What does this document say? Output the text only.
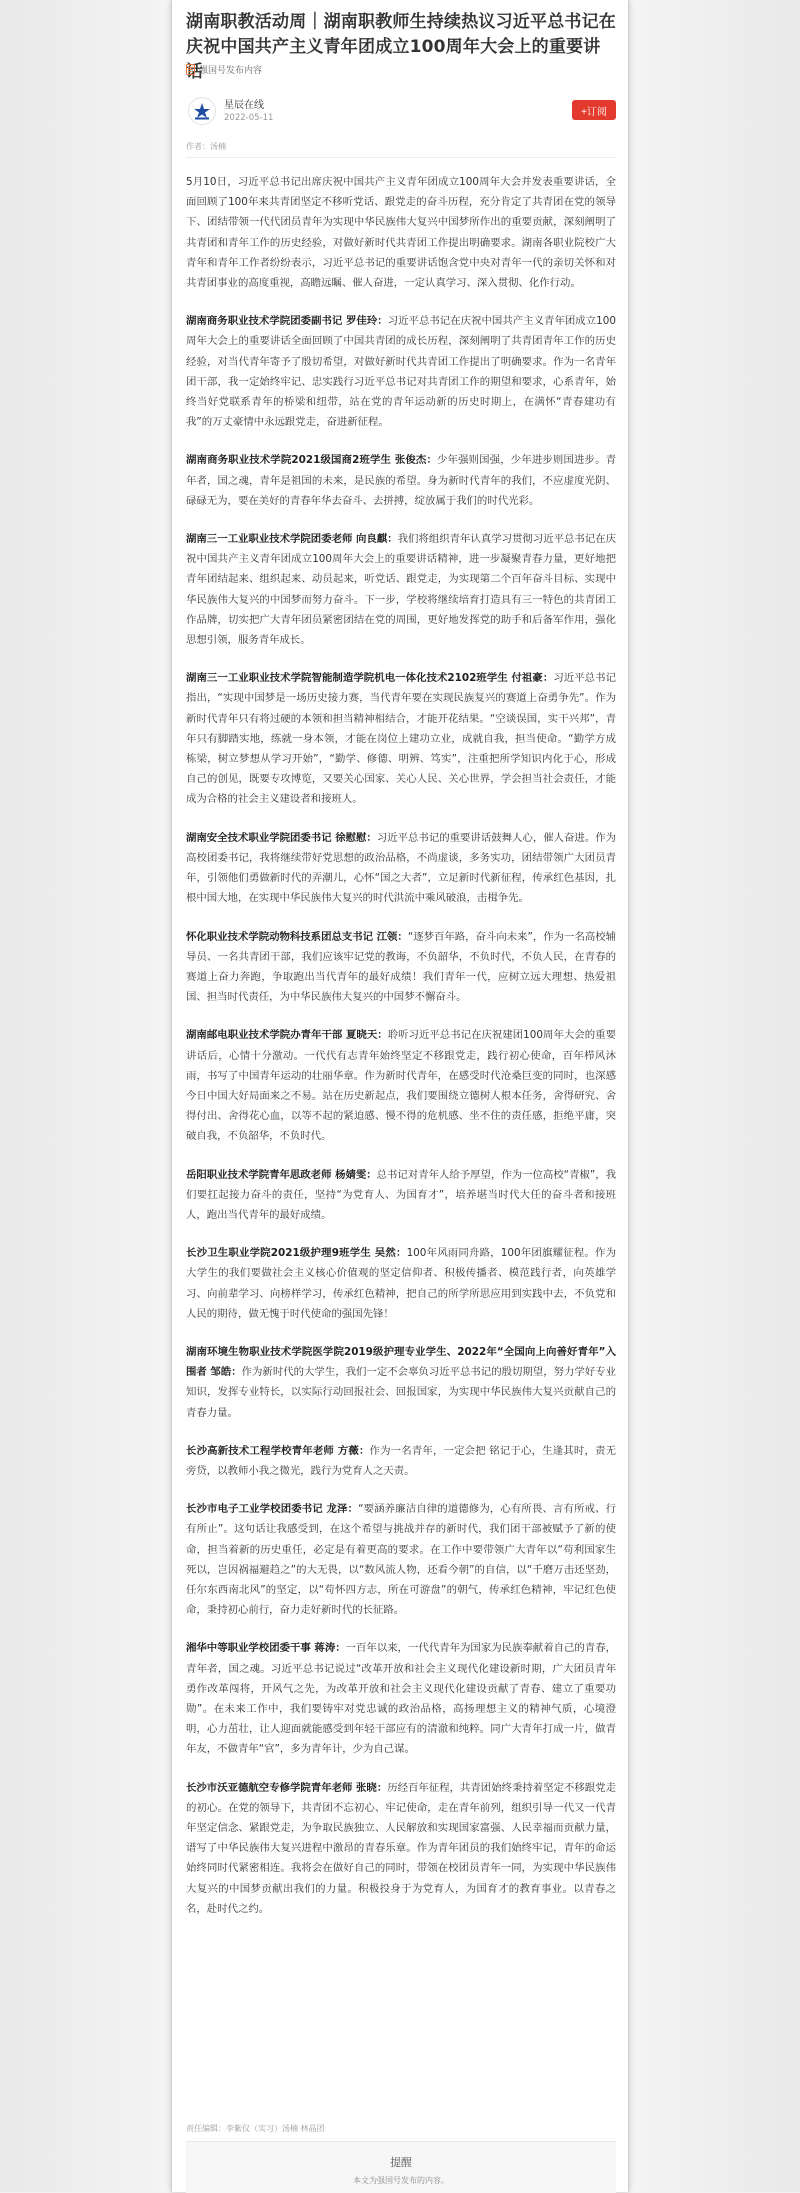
湖南职教活动周｜湖南职教师生持续热议习近平总书记在庆祝中国共产主义青年团成立100周年大会上的重要讲话
强国号发布内容
星辰在线
2022-05-11	+订阅
作者：汤楠

5月10日，习近平总书记出席庆祝中国共产主义青年团成立100周年大会并发表重要讲话，全面回顾了100年来共青团坚定不移听党话、跟党走的奋斗历程，充分肯定了共青团在党的领导下、团结带领一代代团员青年为实现中华民族伟大复兴中国梦所作出的重要贡献，深刻阐明了共青团和青年工作的历史经验，对做好新时代共青团工作提出明确要求。湖南各职业院校广大青年和青年工作者纷纷表示，习近平总书记的重要讲话饱含党中央对青年一代的亲切关怀和对共青团事业的高度重视，高瞻远瞩、催人奋进，一定认真学习、深入贯彻、化作行动。

湖南商务职业技术学院团委副书记 罗佳玲：习近平总书记在庆祝中国共产主义青年团成立100周年大会上的重要讲话全面回顾了中国共青团的成长历程，深刻阐明了共青团青年工作的历史经验，对当代青年寄予了殷切希望，对做好新时代共青团工作提出了明确要求。作为一名青年团干部，我一定始终牢记、忠实践行习近平总书记对共青团工作的期望和要求，心系青年，始终当好党联系青年的桥梁和纽带，站在党的青年运动新的历史时期上，在满怀“青春建功有我”的万丈豪情中永远跟党走，奋进新征程。

湖南商务职业技术学院2021级国商2班学生 张俊杰：少年强则国强，少年进步则国进步。青年者，国之魂，青年是祖国的未来，是民族的希望。身为新时代青年的我们，不应虚度光阴、碌碌无为，要在美好的青春年华去奋斗、去拼搏，绽放属于我们的时代光彩。

湖南三一工业职业技术学院团委老师 向良麒：我们将组织青年认真学习贯彻习近平总书记在庆祝中国共产主义青年团成立100周年大会上的重要讲话精神，进一步凝聚青春力量，更好地把青年团结起来、组织起来、动员起来，听党话、跟党走，为实现第二个百年奋斗目标、实现中华民族伟大复兴的中国梦而努力奋斗。下一步，学校将继续培育打造具有三一特色的共青团工作品牌，切实把广大青年团员紧密团结在党的周围，更好地发挥党的助手和后备军作用，强化思想引领，服务青年成长。

湖南三一工业职业技术学院智能制造学院机电一体化技术2102班学生 付祖豪：习近平总书记指出，“实现中国梦是一场历史接力赛，当代青年要在实现民族复兴的赛道上奋勇争先”。作为新时代青年只有将过硬的本领和担当精神相结合，才能开花结果。“空谈误国，实干兴邦”，青年只有脚踏实地，练就一身本领，才能在岗位上建功立业，成就自我，担当使命。“勤学方成栋梁，树立梦想从学习开始”，“勤学、修德、明辨、笃实”，注重把所学知识内化于心，形成自己的创见，既要专攻博览，又要关心国家、关心人民、关心世界，学会担当社会责任，才能成为合格的社会主义建设者和接班人。

湖南安全技术职业学院团委书记 徐慰慰：习近平总书记的重要讲话鼓舞人心，催人奋进。作为高校团委书记，我将继续带好党思想的政治品格，不尚虚谈，多务实功，团结带领广大团员青年，引领他们勇做新时代的弄潮儿，心怀“国之大者”，立足新时代新征程，传承红色基因，扎根中国大地，在实现中华民族伟大复兴的时代洪流中乘风破浪，击楫争先。

怀化职业技术学院动物科技系团总支书记 江领：“逐梦百年路，奋斗向未来”，作为一名高校辅导员、一名共青团干部，我们应该牢记党的教诲，不负韶华，不负时代，不负人民，在青春的赛道上奋力奔跑，争取跑出当代青年的最好成绩！我们青年一代，应树立远大理想、热爱祖国、担当时代责任，为中华民族伟大复兴的中国梦不懈奋斗。

湖南邮电职业技术学院办青年干部 夏晓天：聆听习近平总书记在庆祝建团100周年大会的重要讲话后，心情十分激动。一代代有志青年始终坚定不移跟党走，践行初心使命，百年栉风沐雨，书写了中国青年运动的壮丽华章。作为新时代青年，在感受时代沧桑巨变的同时，也深感今日中国大好局面来之不易。站在历史新起点，我们要围绕立德树人根本任务，舍得研究、舍得付出、舍得花心血，以等不起的紧迫感、慢不得的危机感、坐不住的责任感，拒绝平庸，突破自我，不负韶华，不负时代。

岳阳职业技术学院青年思政老师 杨婧雯：总书记对青年人给予厚望，作为一位高校“青椒”，我们要扛起接力奋斗的责任，坚持“为党育人、为国育才”，培养堪当时代大任的奋斗者和接班人，跑出当代青年的最好成绩。

长沙卫生职业学院2021级护理9班学生 吴然：100年风雨同舟路，100年团旗耀征程。作为大学生的我们要做社会主义核心价值观的坚定信仰者、积极传播者、模范践行者，向英雄学习、向前辈学习、向榜样学习，传承红色精神，把自己的所学所思应用到实践中去，不负党和人民的期待，做无愧于时代使命的强国先锋！

湖南环境生物职业技术学院医学院2019级护理专业学生、2022年“全国向上向善好青年”入围者 邹皓：作为新时代的大学生，我们一定不会辜负习近平总书记的殷切期望，努力学好专业知识，发挥专业特长，以实际行动回报社会、回报国家，为实现中华民族伟大复兴贡献自己的青春力量。

长沙高新技术工程学校青年老师 方薇：作为一名青年，一定会把 铭记于心，生逢其时，责无旁贷，以教师小我之微光，践行为党育人之天责。

长沙市电子工业学校团委书记 龙泽：“要涵养廉洁自律的道德修为，心有所畏、言有所戒、行有所止”。这句话让我感受到，在这个希望与挑战并存的新时代，我们团干部被赋予了新的使命，担当着新的历史重任，必定是有着更高的要求。在工作中要带领广大青年以“苟利国家生死以，岂因祸福避趋之”的大无畏，以“数风流人物，还看今朝”的自信，以“千磨万击还坚劲，任尔东西南北风”的坚定，以“苟怀四方志，所在可游盘”的朝气，传承红色精神，牢记红色使命，秉持初心前行，奋力走好新时代的长征路。

湘华中等职业学校团委干事 蒋涛：一百年以来，一代代青年为国家为民族奉献着自己的青春，青年者，国之魂。习近平总书记说过“改革开放和社会主义现代化建设新时期，广大团员青年勇作改革闯将，开风气之先，为改革开放和社会主义现代化建设贡献了青春、建立了重要功勋”。在未来工作中，我们要铸牢对党忠诚的政治品格，高扬理想主义的精神气质，心境澄明，心力茁壮，让人迎面就能感受到年轻干部应有的清澈和纯粹。同广大青年打成一片，做青年友，不做青年“官”，多为青年计，少为自己谋。

长沙市沃亚德航空专修学院青年老师 张晓：历经百年征程，共青团始终秉持着坚定不移跟党走的初心。在党的领导下，共青团不忘初心、牢记使命，走在青年前列，组织引导一代又一代青年坚定信念、紧跟党走，为争取民族独立、人民解放和实现国家富强、人民幸福而贡献力量，谱写了中华民族伟大复兴进程中激昂的青春乐章。作为青年团员的我们始终牢记，青年的命运始终同时代紧密相连。我将会在做好自己的同时，带领在校团员青年一同，为实现中华民族伟大复兴的中国梦贡献出我们的力量。积极投身于为党育人，为国育才的教育事业。以青春之名，赴时代之约。

责任编辑：李紫仪（实习）汤楠 林晶团
提醒
本文为强国号发布的内容。
